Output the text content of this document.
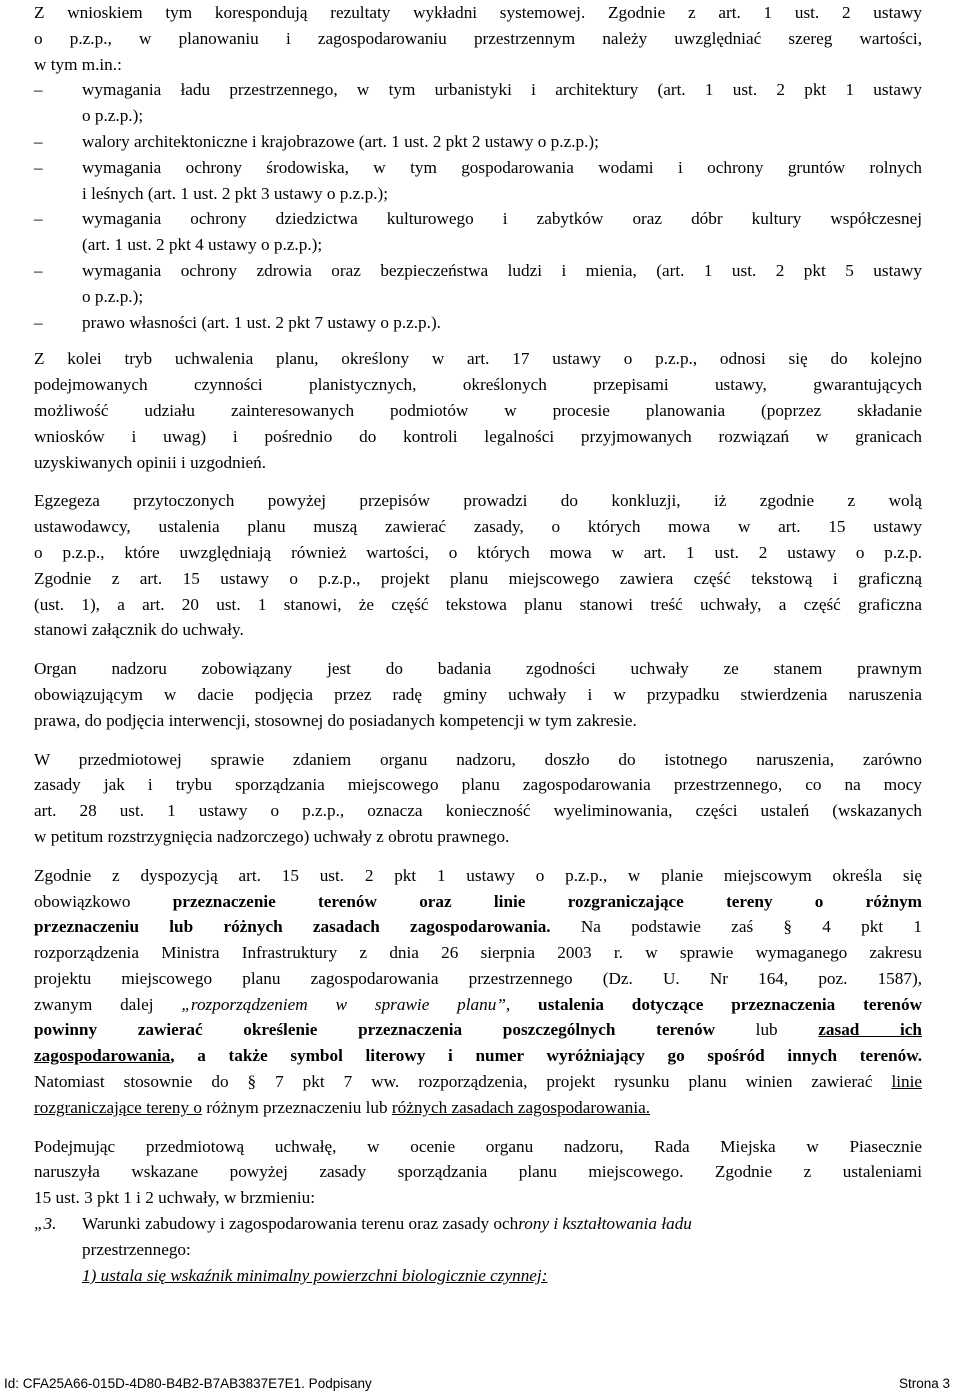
Z wnioskiem tym korespondują rezultaty wykładni systemowej. Zgodnie z art. 1 ust. 2 ustawy
o p.z.p., w planowaniu i zagospodarowaniu przestrzennym należy uwzględniać szereg wartości,
w tym m.in.:
– wymagania ładu przestrzennego, w tym urbanistyki i architektury (art. 1 ust. 2 pkt 1 ustawy
o p.z.p.);
– walory architektoniczne i krajobrazowe (art. 1 ust. 2 pkt 2 ustawy o p.z.p.);
– wymagania ochrony środowiska, w tym gospodarowania wodami i ochrony gruntów rolnych
i leśnych (art. 1 ust. 2 pkt 3 ustawy o p.z.p.);
– wymagania ochrony dziedzictwa kulturowego i zabytków oraz dóbr kultury współczesnej
(art. 1 ust. 2 pkt 4 ustawy o p.z.p.);
– wymagania ochrony zdrowia oraz bezpieczeństwa ludzi i mienia, (art. 1 ust. 2 pkt 5 ustawy
o p.z.p.);
– prawo własności (art. 1 ust. 2 pkt 7 ustawy o p.z.p.).
Z kolei tryb uchwalenia planu, określony w art. 17 ustawy o p.z.p., odnosi się do kolejno
podejmowanych czynności planistycznych, określonych przepisami ustawy, gwarantujących
możliwość udziału zainteresowanych podmiotów w procesie planowania (poprzez składanie
wniosków i uwag) i pośrednio do kontroli legalności przyjmowanych rozwiązań w granicach
uzyskiwanych opinii i uzgodnień.
Egzegeza przytoczonych powyżej przepisów prowadzi do konkluzji, iż zgodnie z wolą
ustawodawcy, ustalenia planu muszą zawierać zasady, o których mowa w art. 15 ustawy
o p.z.p., które uwzględniają również wartości, o których mowa w art. 1 ust. 2 ustawy o p.z.p.
Zgodnie z art. 15 ustawy o p.z.p., projekt planu miejscowego zawiera część tekstową i graficzną
(ust. 1), a art. 20 ust. 1 stanowi, że część tekstowa planu stanowi treść uchwały, a część graficzna
stanowi załącznik do uchwały.
Organ nadzoru zobowiązany jest do badania zgodności uchwały ze stanem prawnym
obowiązującym w dacie podjęcia przez radę gminy uchwały i w przypadku stwierdzenia naruszenia
prawa, do podjęcia interwencji, stosownej do posiadanych kompetencji w tym zakresie.
W przedmiotowej sprawie zdaniem organu nadzoru, doszło do istotnego naruszenia, zarówno
zasady jak i trybu sporządzania miejscowego planu zagospodarowania przestrzennego, co na mocy
art. 28 ust. 1 ustawy o p.z.p., oznacza konieczność wyeliminowania, części ustaleń (wskazanych
w petitum rozstrzygnięcia nadzorczego) uchwały z obrotu prawnego.
Zgodnie z dyspozycją art. 15 ust. 2 pkt 1 ustawy o p.z.p., w planie miejscowym określa się
obowiązkowo przeznaczenie terenów oraz linie rozgraniczające tereny o różnym
przeznaczeniu lub różnych zasadach zagospodarowania. Na podstawie zaś § 4 pkt 1
rozporządzenia Ministra Infrastruktury z dnia 26 sierpnia 2003 r. w sprawie wymaganego zakresu
projektu miejscowego planu zagospodarowania przestrzennego (Dz. U. Nr 164, poz. 1587),
zwanym dalej „rozporządzeniem w sprawie planu”, ustalenia dotyczące przeznaczenia terenów
powinny zawierać określenie przeznaczenia poszczególnych terenów lub zasad ich
zagospodarowania, a także symbol literowy i numer wyróżniający go spośród innych terenów.
Natomiast stosownie do § 7 pkt 7 ww. rozporządzenia, projekt rysunku planu winien zawierać linie
rozgraniczające tereny o różnym przeznaczeniu lub różnych zasadach zagospodarowania.
Podejmując przedmiotową uchwałę, w ocenie organu nadzoru, Rada Miejska w Piasecznie
naruszyła wskazane powyżej zasady sporządzania planu miejscowego. Zgodnie z ustaleniami
15 ust. 3 pkt 1 i 2 uchwały, w brzmieniu:
„3. Warunki zabudowy i zagospodarowania terenu oraz zasady ochrony i kształtowania ładu
przestrzennego:
1) ustala się wskaźnik minimalny powierzchni biologicznie czynnej:
Id: CFA25A66-015D-4D80-B4B2-B7AB3837E7E1. Podpisany	Strona 3
